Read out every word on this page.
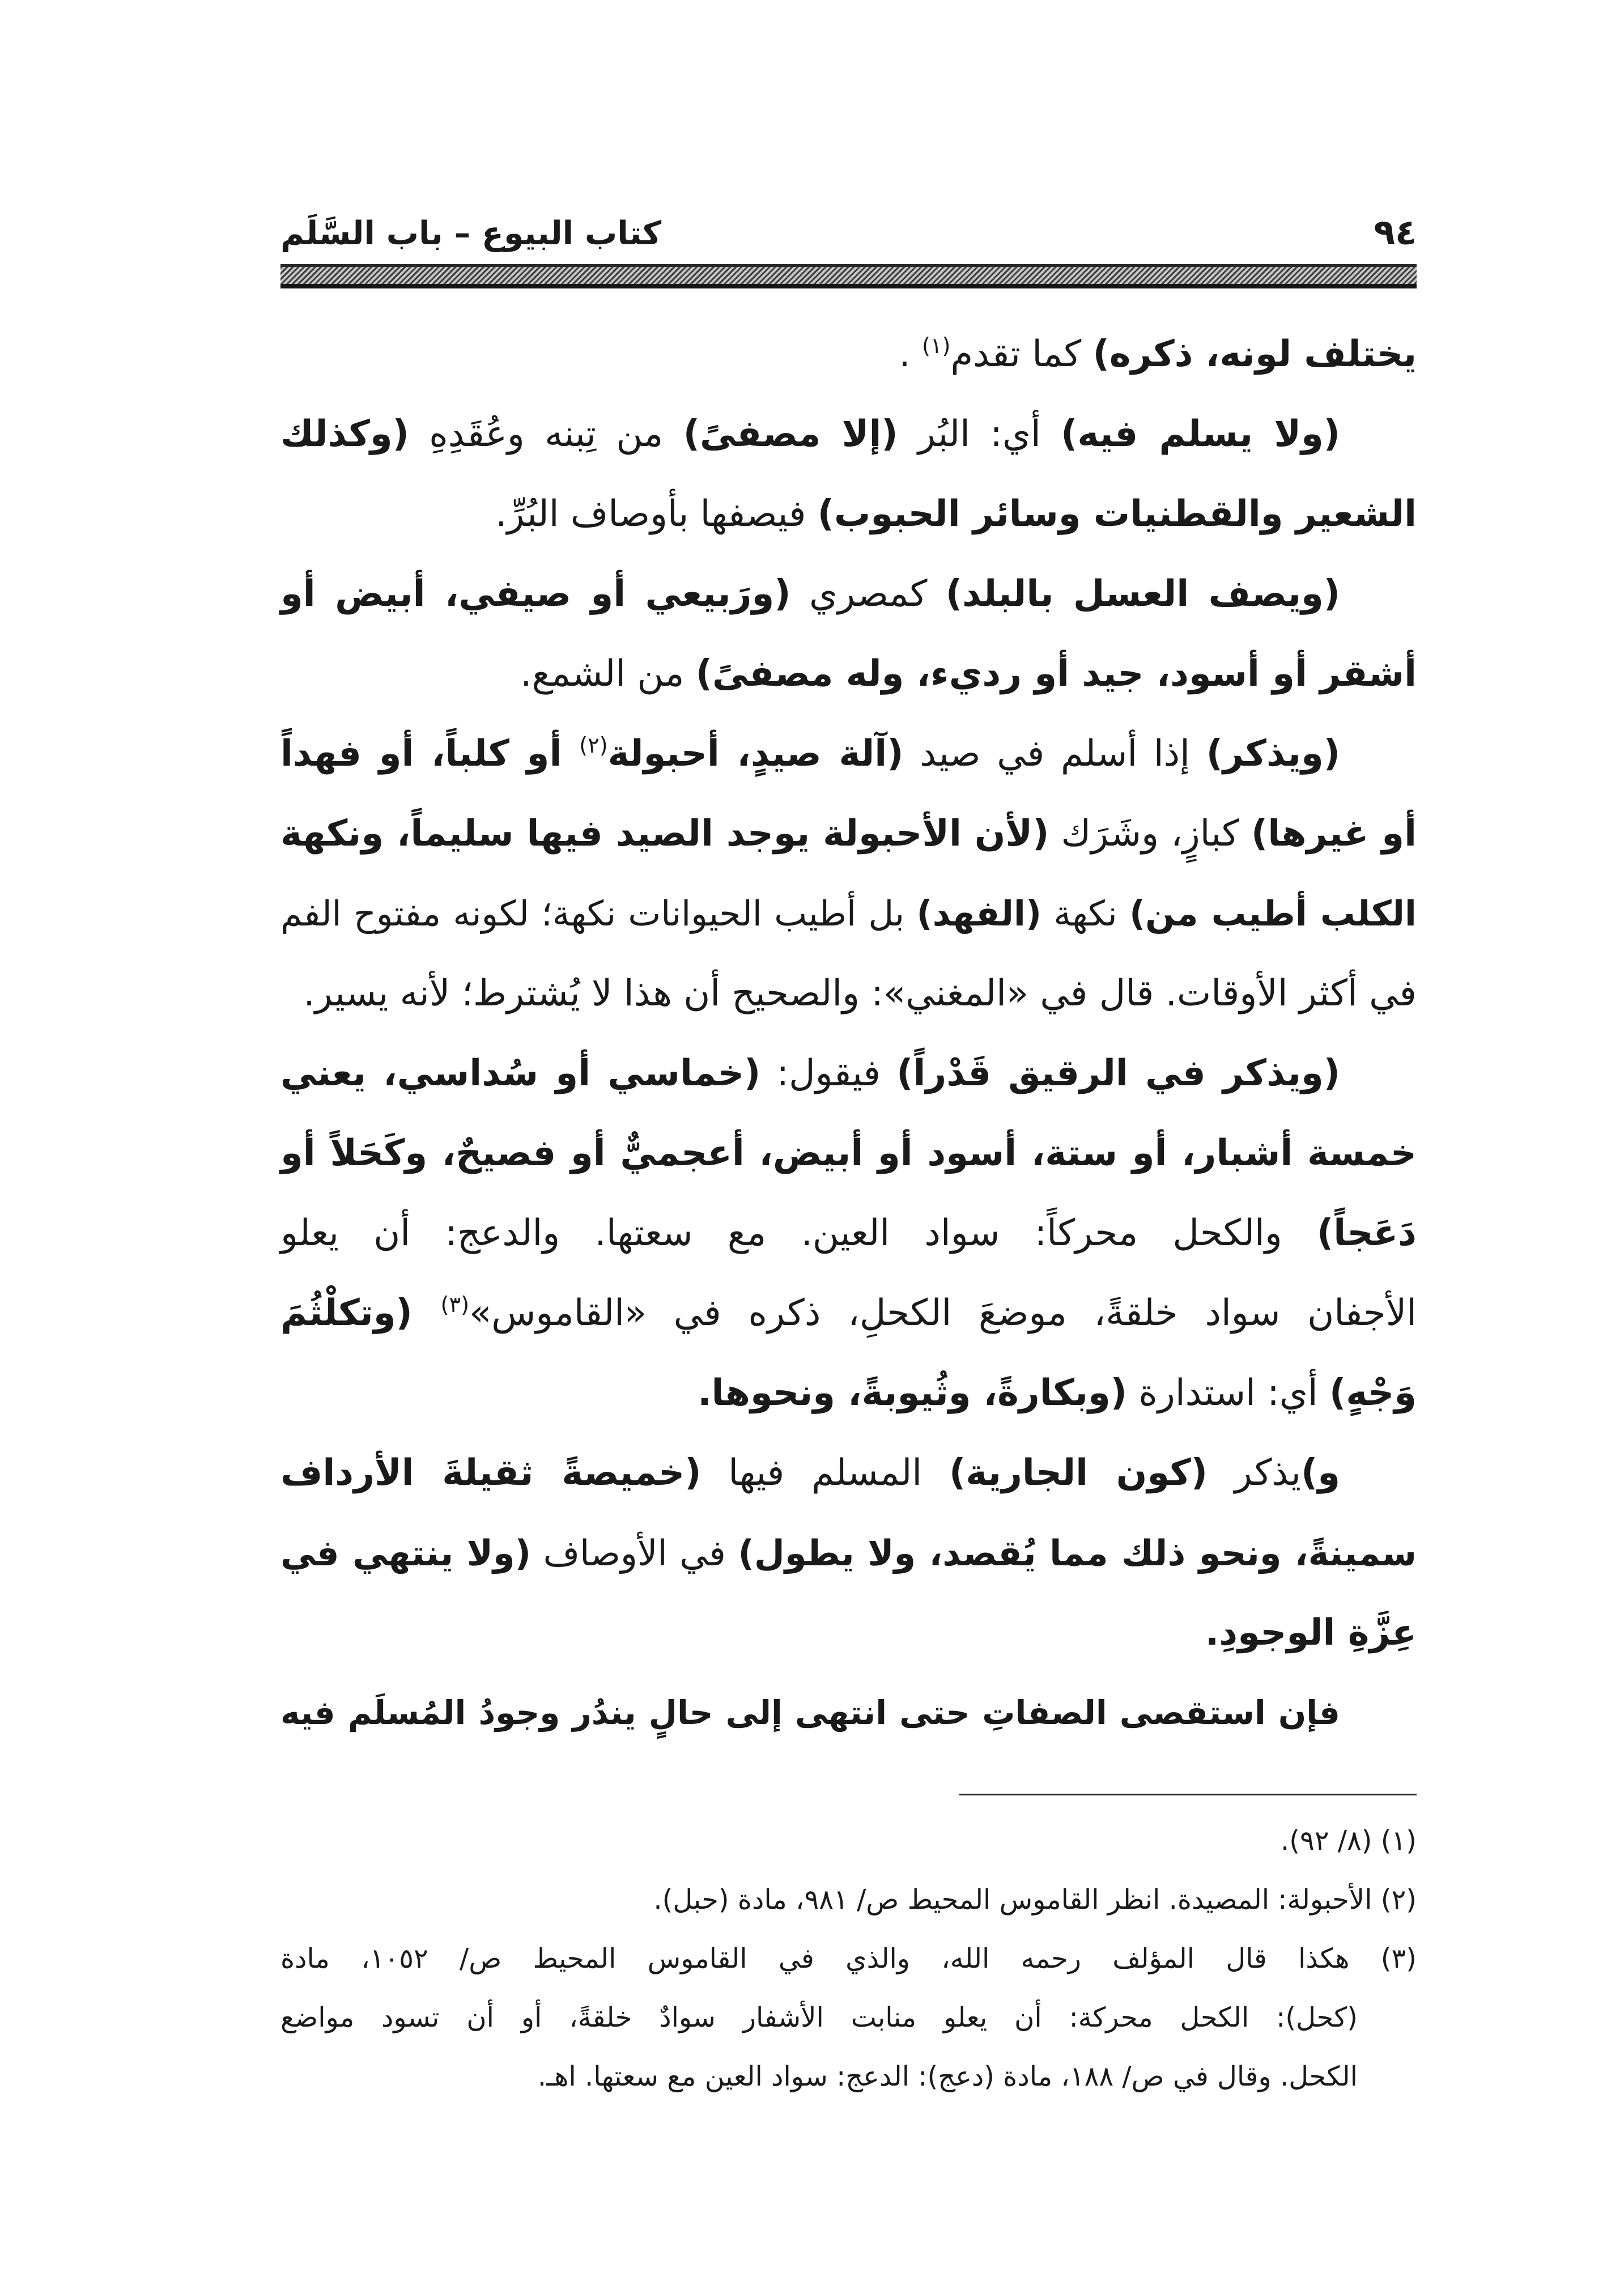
٩٤
كتاب البيوع – باب السَّلَم
يختلف لونه، ذكره) كما تقدم$^{(١)}$ .
(ولا يسلم فيه) أي: البُر (إلا مصفىً) من تِبنه وعُقَدِهِ (وكذلك
الشعير والقطنيات وسائر الحبوب) فيصفها بأوصاف البُرِّ.
(ويصف العسل بالبلد) كمصري (ورَبيعي أو صيفي، أبيض أو
أشقر أو أسود، جيد أو رديء، وله مصفىً) من الشمع.
(ويذكر) إذا أسلم في صيد (آلة صيدٍ، أحبولة$^{(٢)}$ أو كلباً، أو فهداً
أو غيرها) كبازٍ، وشَرَك (لأن الأحبولة يوجد الصيد فيها سليماً، ونكهة
الكلب أطيب من) نكهة (الفهد) بل أطيب الحيوانات نكهة؛ لكونه مفتوح الفم
في أكثر الأوقات. قال في «المغني»: والصحيح أن هذا لا يُشترط؛ لأنه يسير.
(ويذكر في الرقيق قَدْراً) فيقول: (خماسي أو سُداسي، يعني
خمسة أشبار، أو ستة، أسود أو أبيض، أعجميٌّ أو فصيحٌ، وكَحَلاً أو
دَعَجاً) والكحل محركاً: سواد العين. مع سعتها. والدعج: أن يعلو
الأجفان سواد خلقةً، موضعَ الكحلِ، ذكره في «القاموس»$^{(٣)}$ (وتكلْثُمَ
وَجْهٍ) أي: استدارة (وبكارةً، وثُيوبةً، ونحوها.
و)يذكر (كون الجارية) المسلم فيها (خميصةً ثقيلةَ الأرداف
سمينةً، ونحو ذلك مما يُقصد، ولا يطول) في الأوصاف (ولا ينتهي في
عِزَّةِ الوجودِ.
فإن استقصى الصفاتِ حتى انتهى إلى حالٍ يندُر وجودُ المُسلَم فيه
(١) (٨/ ٩٢).
(٢) الأحبولة: المصيدة. انظر القاموس المحيط ص/ ٩٨١، مادة (حبل).
(٣) هكذا قال المؤلف رحمه الله، والذي في القاموس المحيط ص/ ١٠٥٢، مادة
(كحل): الكحل محركة: أن يعلو منابت الأشفار سوادٌ خلقةً، أو أن تسود مواضع
الكحل. وقال في ص/ ١٨٨، مادة (دعج): الدعج: سواد العين مع سعتها. اهـ.
